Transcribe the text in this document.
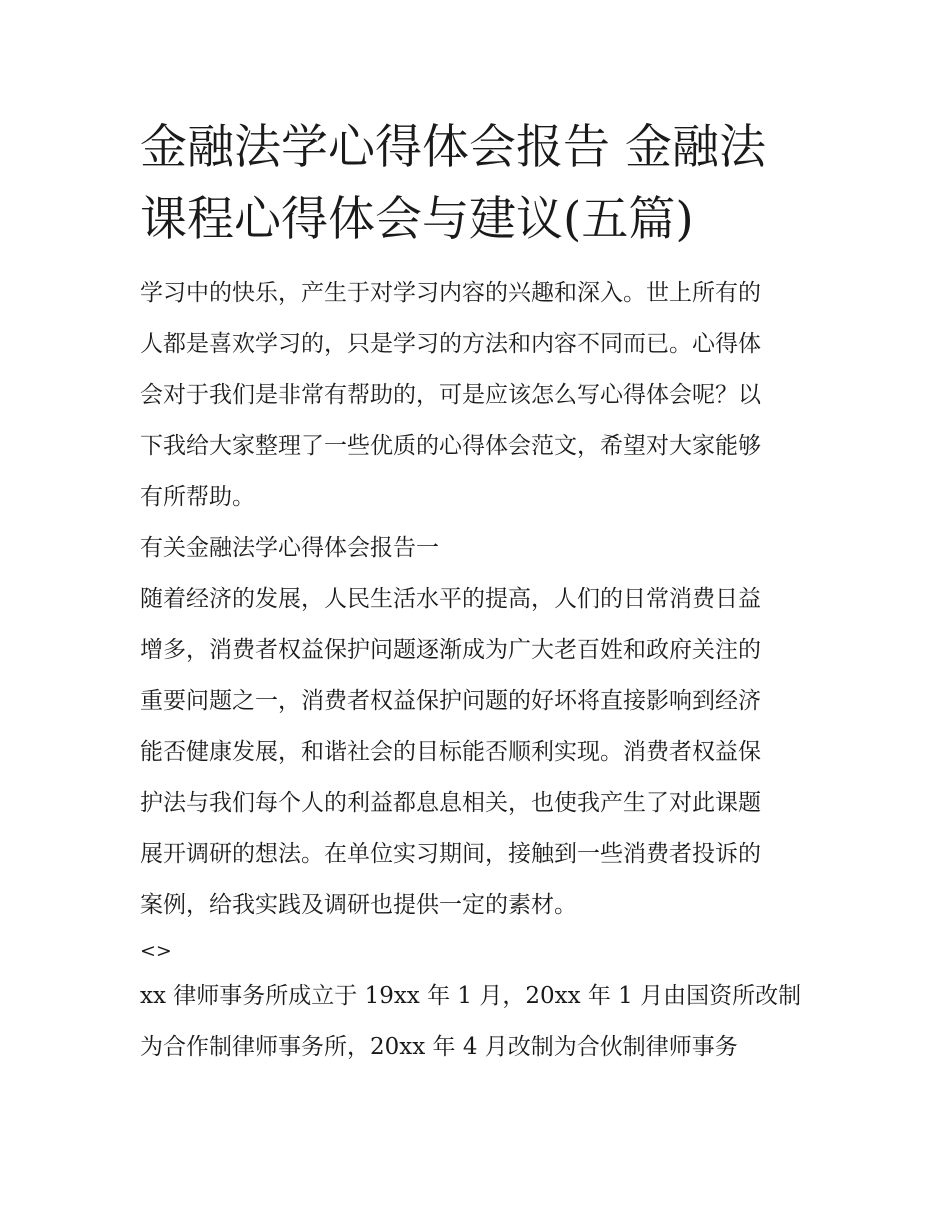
金融法学心得体会报告 金融法
课程心得体会与建议(五篇)
学习中的快乐，产生于对学习内容的兴趣和深入。世上所有的
人都是喜欢学习的，只是学习的方法和内容不同而已。心得体
会对于我们是非常有帮助的，可是应该怎么写心得体会呢？以
下我给大家整理了一些优质的心得体会范文，希望对大家能够
有所帮助。

有关金融法学心得体会报告一

随着经济的发展，人民生活水平的提高，人们的日常消费日益
增多，消费者权益保护问题逐渐成为广大老百姓和政府关注的
重要问题之一，消费者权益保护问题的好坏将直接影响到经济
能否健康发展，和谐社会的目标能否顺利实现。消费者权益保
护法与我们每个人的利益都息息相关，也使我产生了对此课题
展开调研的想法。在单位实习期间，接触到一些消费者投诉的
案例，给我实践及调研也提供一定的素材。

<>

xx 律师事务所成立于 19xx 年 1 月，20xx 年 1 月由国资所改制
为合作制律师事务所，20xx 年 4 月改制为合伙制律师事务
